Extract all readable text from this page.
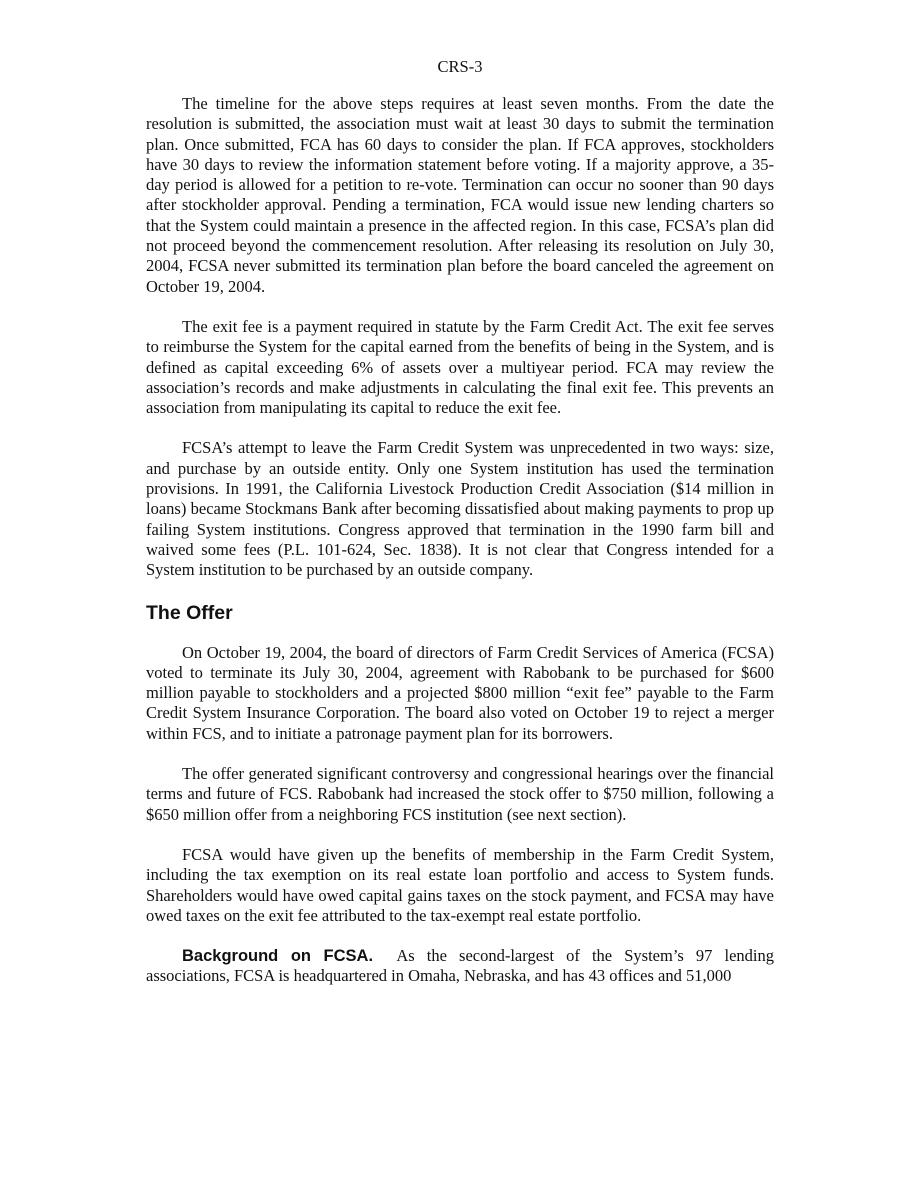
CRS-3

The timeline for the above steps requires at least seven months. From the date the resolution is submitted, the association must wait at least 30 days to submit the termination plan. Once submitted, FCA has 60 days to consider the plan. If FCA approves, stockholders have 30 days to review the information statement before voting. If a majority approve, a 35-day period is allowed for a petition to re-vote. Termination can occur no sooner than 90 days after stockholder approval. Pending a termination, FCA would issue new lending charters so that the System could maintain a presence in the affected region. In this case, FCSA’s plan did not proceed beyond the commencement resolution. After releasing its resolution on July 30, 2004, FCSA never submitted its termination plan before the board canceled the agreement on October 19, 2004.

The exit fee is a payment required in statute by the Farm Credit Act. The exit fee serves to reimburse the System for the capital earned from the benefits of being in the System, and is defined as capital exceeding 6% of assets over a multiyear period. FCA may review the association’s records and make adjustments in calculating the final exit fee. This prevents an association from manipulating its capital to reduce the exit fee.

FCSA’s attempt to leave the Farm Credit System was unprecedented in two ways: size, and purchase by an outside entity. Only one System institution has used the termination provisions. In 1991, the California Livestock Production Credit Association ($14 million in loans) became Stockmans Bank after becoming dissatisfied about making payments to prop up failing System institutions. Congress approved that termination in the 1990 farm bill and waived some fees (P.L. 101-624, Sec. 1838). It is not clear that Congress intended for a System institution to be purchased by an outside company.

The Offer

On October 19, 2004, the board of directors of Farm Credit Services of America (FCSA) voted to terminate its July 30, 2004, agreement with Rabobank to be purchased for $600 million payable to stockholders and a projected $800 million “exit fee” payable to the Farm Credit System Insurance Corporation. The board also voted on October 19 to reject a merger within FCS, and to initiate a patronage payment plan for its borrowers.

The offer generated significant controversy and congressional hearings over the financial terms and future of FCS. Rabobank had increased the stock offer to $750 million, following a $650 million offer from a neighboring FCS institution (see next section).

FCSA would have given up the benefits of membership in the Farm Credit System, including the tax exemption on its real estate loan portfolio and access to System funds. Shareholders would have owed capital gains taxes on the stock payment, and FCSA may have owed taxes on the exit fee attributed to the tax-exempt real estate portfolio.

Background on FCSA. As the second-largest of the System’s 97 lending associations, FCSA is headquartered in Omaha, Nebraska, and has 43 offices and 51,000
